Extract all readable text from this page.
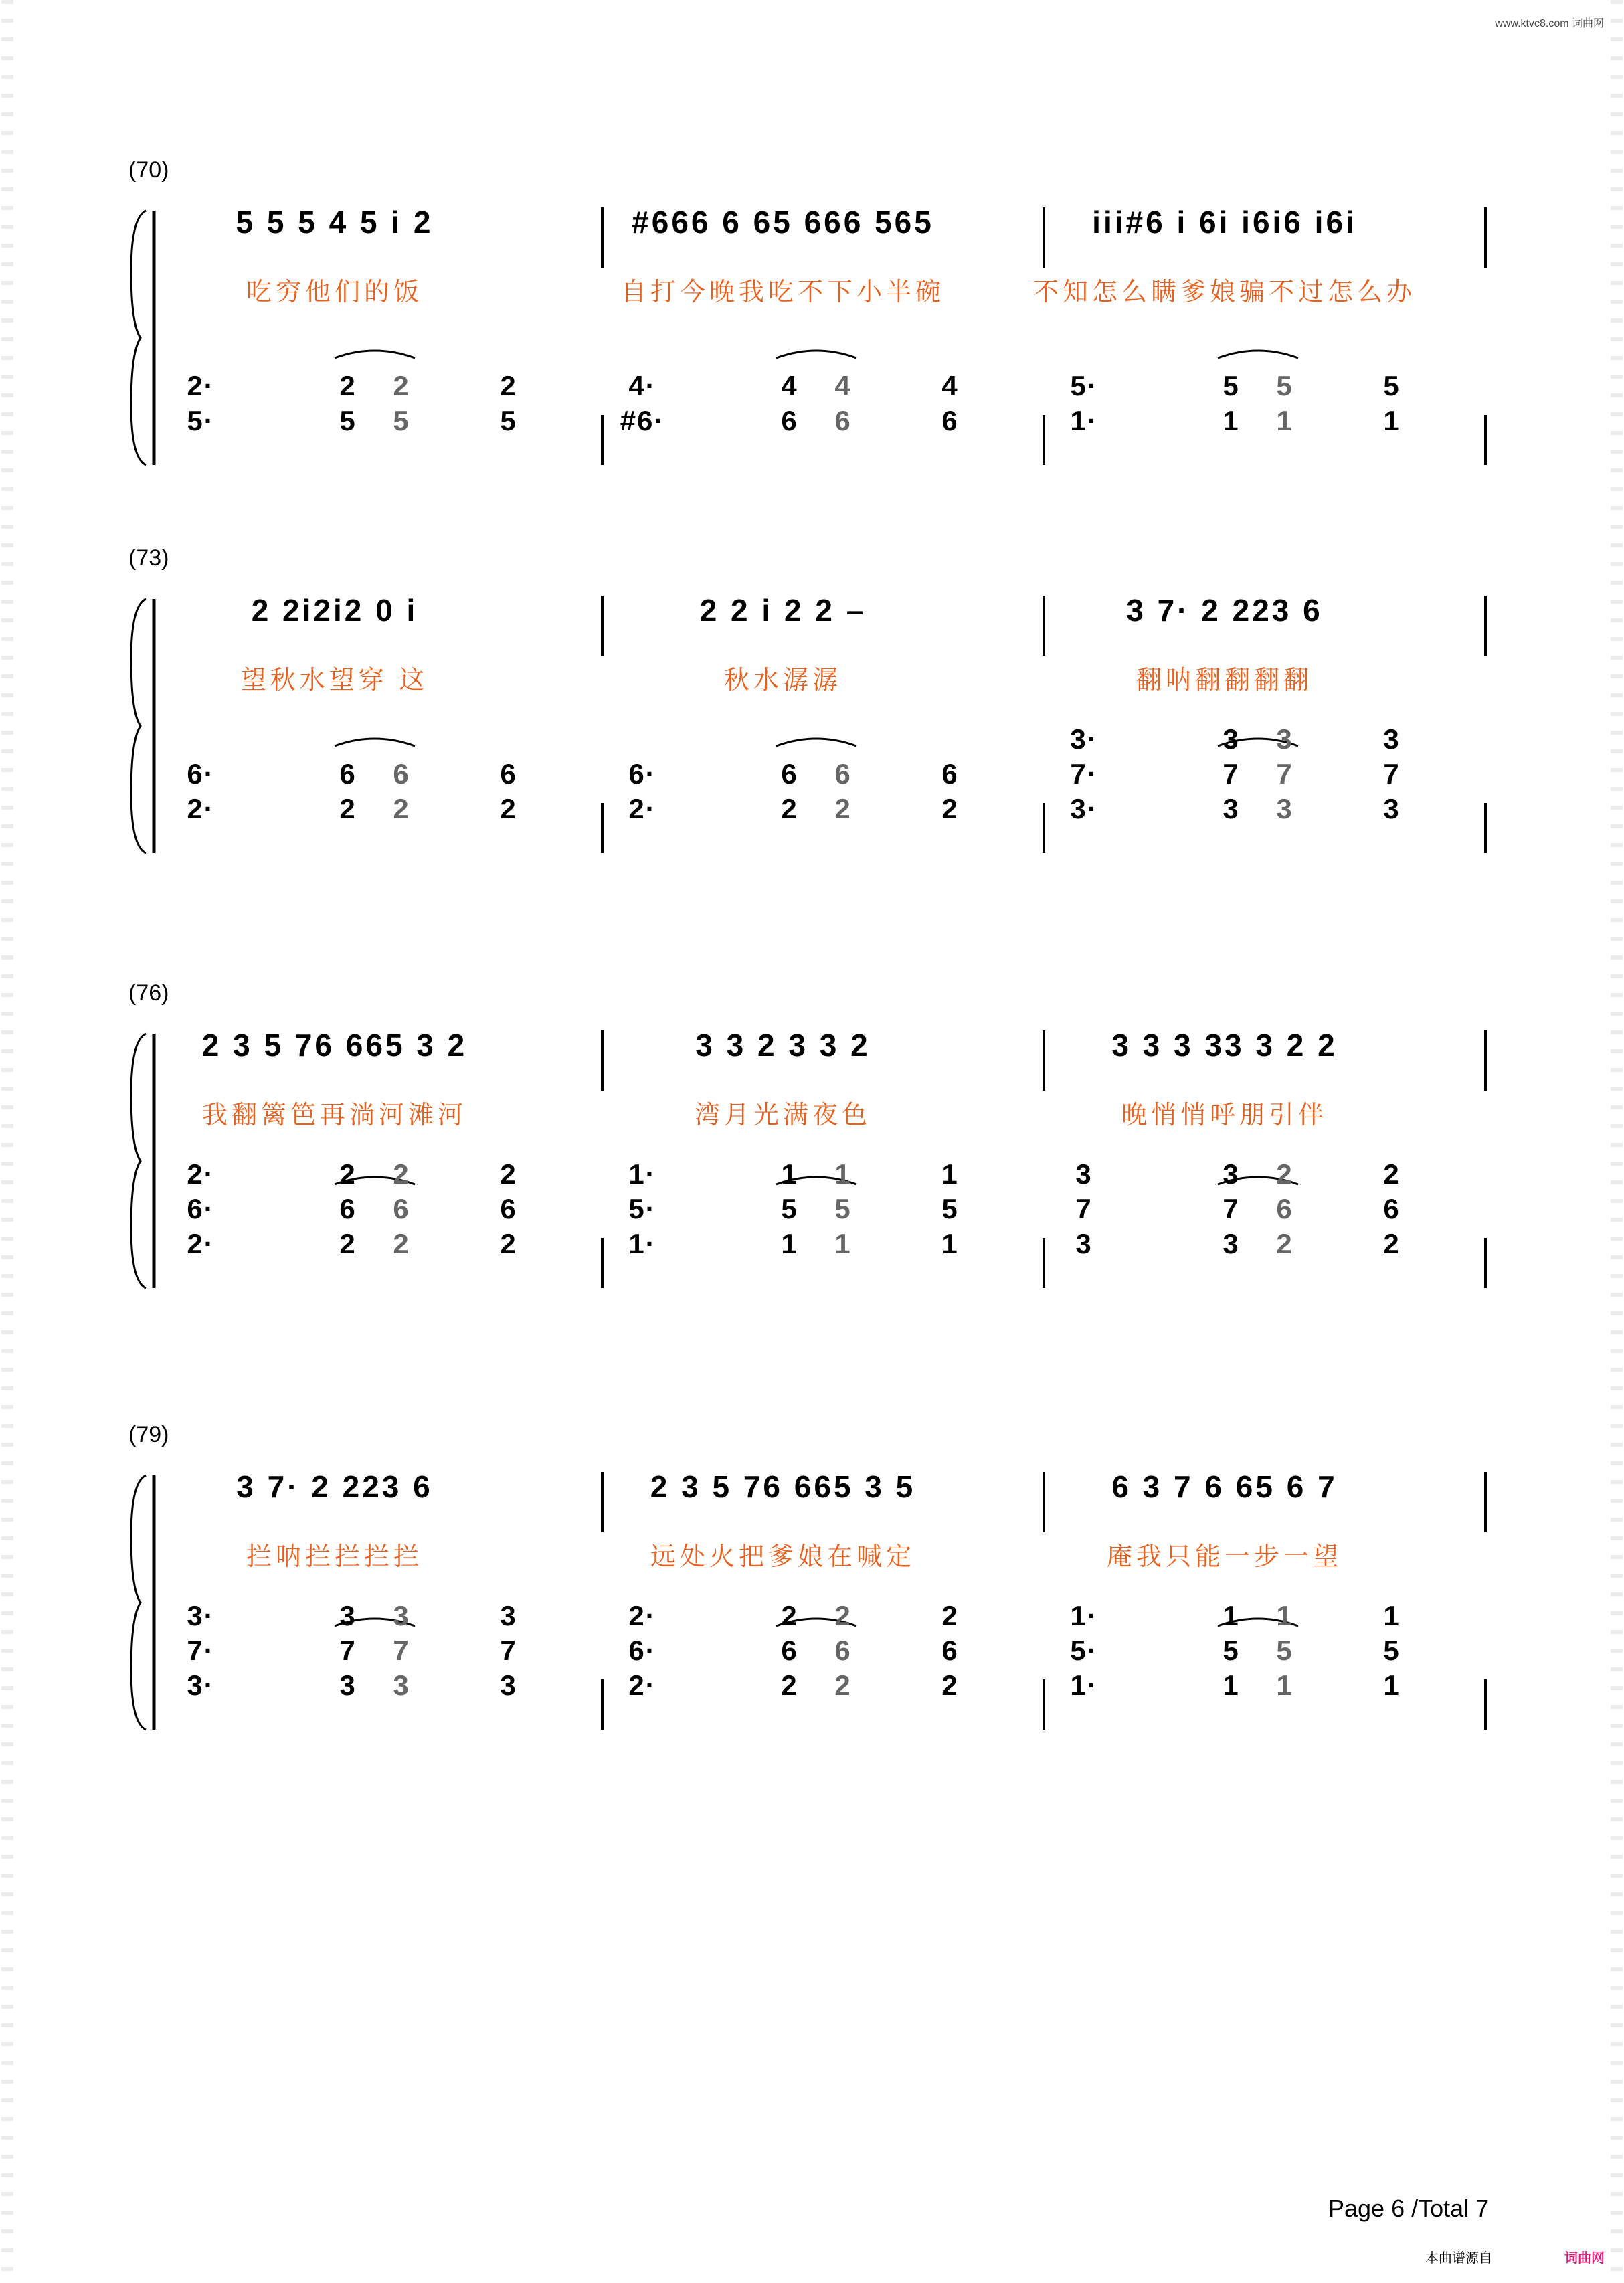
www.ktvc8.com 词曲网
(70)
5 5 5 4 5 i 2
吃穷他们的饭
#666 6 65 666 565
自打今晚我吃不下小半碗
iii#6 i 6i i6i6 i6i
不知怎么瞒爹娘骗不过怎么办
2·	2 2	2
5·	5 5	5
4·	4 4	4
#6·	6 6	6
5·	5 5	5
1·	1 1	1
(73)
2 2i2i2 0 i
望秋水望穿 这
2 2 i 2 2 –
秋水潺潺
3 7· 2 223 6
翻呐翻翻翻翻
6·	6 6	6
2·	2 2	2
6·	6 6	6
2·	2 2	2
3·	3 3	3
7·	7 7	7
3·	3 3	3
(76)
2 3 5 76 665 3 2
我翻篱笆再淌河滩河
3 3 2 3 3 2
湾月光满夜色
3 3 3 33 3 2 2
晚悄悄呼朋引伴
2·	2 2	2
6·	6 6	6
2·	2 2	2
1·	1 1	1
5·	5 5	5
1·	1 1	1
3	3 2	2
7	7 6	6
3	3 2	2
(79)
3 7· 2 223 6
拦呐拦拦拦拦
2 3 5 76 665 3 5
远处火把爹娘在喊定
6 3 7 6 65 6 7
庵我只能一步一望
3·	3 3	3
7·	7 7	7
3·	3 3	3
2·	2 2	2
6·	6 6	6
2·	2 2	2
1·	1 1	1
5·	5 5	5
1·	1 1	1
Page 6 /Total 7
本曲谱源自	词曲网
